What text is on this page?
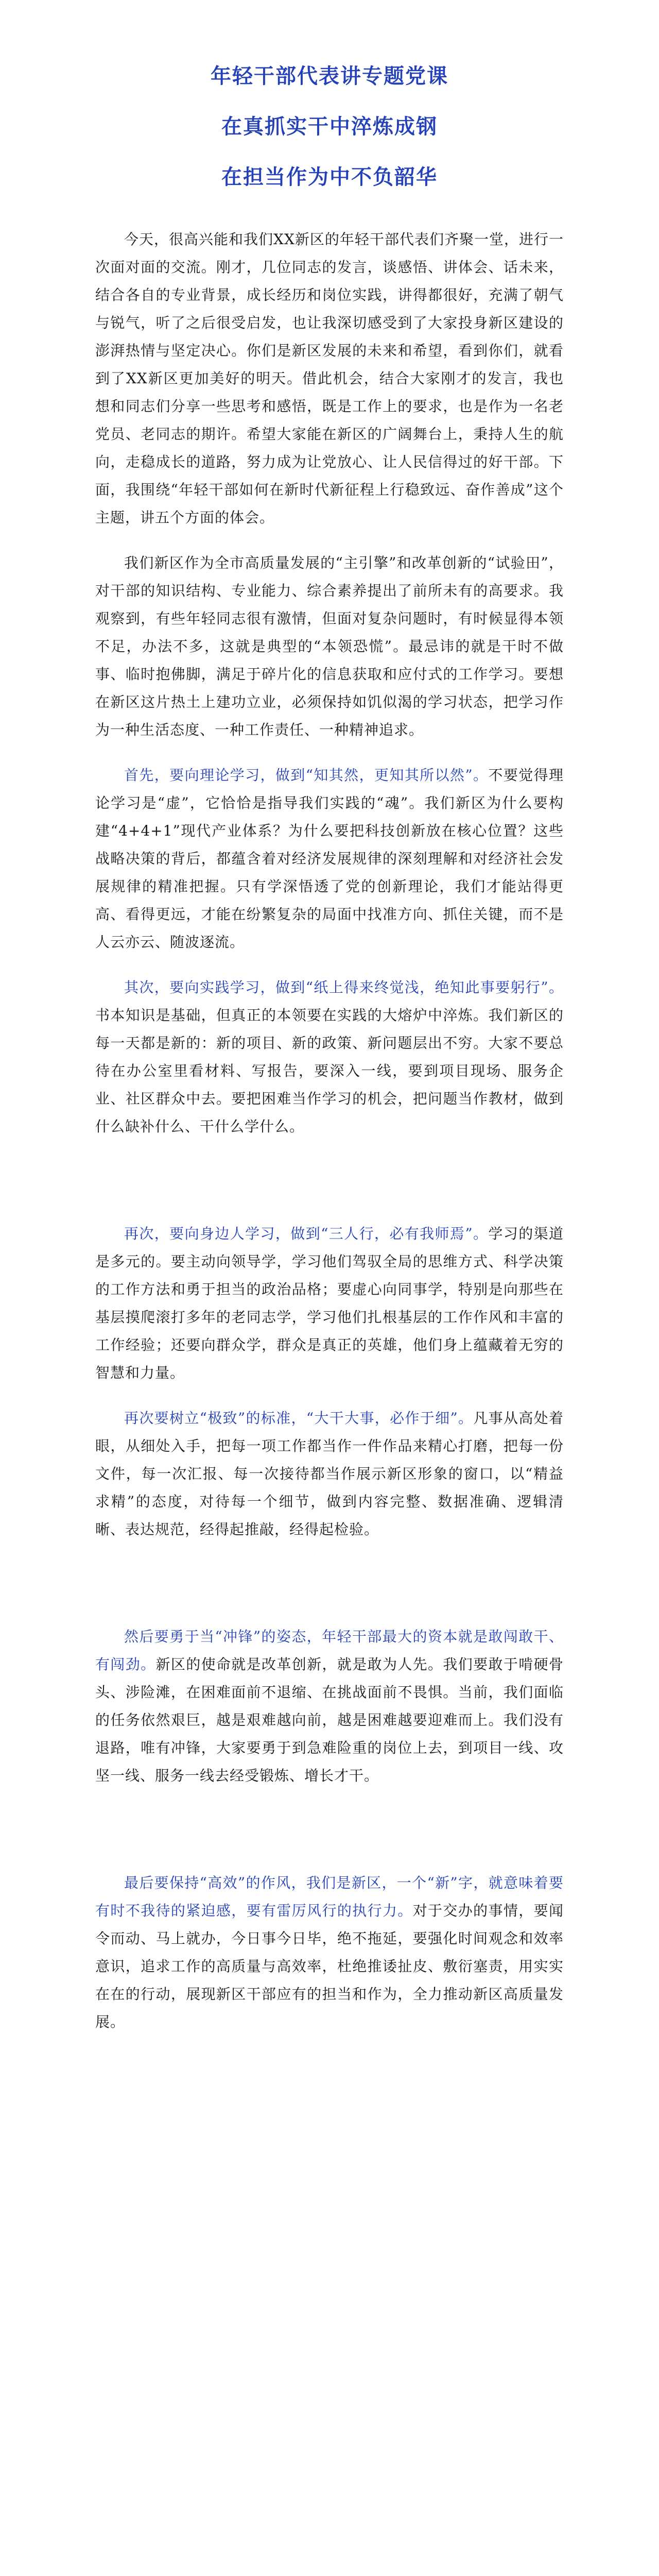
年轻干部代表讲专题党课
在真抓实干中淬炼成钢
在担当作为中不负韶华

今天，很高兴能和我们XX新区的年轻干部代表们齐聚一堂，进行一次面对面的交流。刚才，几位同志的发言，谈感悟、讲体会、话未来，结合各自的专业背景，成长经历和岗位实践，讲得都很好，充满了朝气与锐气，听了之后很受启发，也让我深切感受到了大家投身新区建设的澎湃热情与坚定决心。你们是新区发展的未来和希望，看到你们，就看到了XX新区更加美好的明天。借此机会，结合大家刚才的发言，我也想和同志们分享一些思考和感悟，既是工作上的要求，也是作为一名老党员、老同志的期许。希望大家能在新区的广阔舞台上，秉持人生的航向，走稳成长的道路，努力成为让党放心、让人民信得过的好干部。下面，我围绕“年轻干部如何在新时代新征程上行稳致远、奋作善成”这个主题，讲五个方面的体会。

我们新区作为全市高质量发展的“主引擎”和改革创新的“试验田”，对干部的知识结构、专业能力、综合素养提出了前所未有的高要求。我观察到，有些年轻同志很有激情，但面对复杂问题时，有时候显得本领不足，办法不多，这就是典型的“本领恐慌”。最忌讳的就是干时不做事、临时抱佛脚，满足于碎片化的信息获取和应付式的工作学习。要想在新区这片热土上建功立业，必须保持如饥似渴的学习状态，把学习作为一种生活态度、一种工作责任、一种精神追求。

首先，要向理论学习，做到“知其然，更知其所以然”。不要觉得理论学习是“虚”，它恰恰是指导我们实践的“魂”。我们新区为什么要构建“4+4+1”现代产业体系？为什么要把科技创新放在核心位置？这些战略决策的背后，都蕴含着对经济发展规律的深刻理解和对经济社会发展规律的精准把握。只有学深悟透了党的创新理论，我们才能站得更高、看得更远，才能在纷繁复杂的局面中找准方向、抓住关键，而不是人云亦云、随波逐流。

其次，要向实践学习，做到“纸上得来终觉浅，绝知此事要躬行”。书本知识是基础，但真正的本领要在实践的大熔炉中淬炼。我们新区的每一天都是新的：新的项目、新的政策、新问题层出不穷。大家不要总待在办公室里看材料、写报告，要深入一线，要到项目现场、服务企业、社区群众中去。要把困难当作学习的机会，把问题当作教材，做到什么缺补什么、干什么学什么。

再次，要向身边人学习，做到“三人行，必有我师焉”。学习的渠道是多元的。要主动向领导学，学习他们驾驭全局的思维方式、科学决策的工作方法和勇于担当的政治品格；要虚心向同事学，特别是向那些在基层摸爬滚打多年的老同志学，学习他们扎根基层的工作作风和丰富的工作经验；还要向群众学，群众是真正的英雄，他们身上蕴藏着无穷的智慧和力量。

再次要树立“极致”的标准，“大干大事，必作于细”。凡事从高处着眼，从细处入手，把每一项工作都当作一件作品来精心打磨，把每一份文件，每一次汇报、每一次接待都当作展示新区形象的窗口，以“精益求精”的态度，对待每一个细节，做到内容完整、数据准确、逻辑清晰、表达规范，经得起推敲，经得起检验。

然后要勇于当“冲锋”的姿态，年轻干部最大的资本就是敢闯敢干、有闯劲。新区的使命就是改革创新，就是敢为人先。我们要敢于啃硬骨头、涉险滩，在困难面前不退缩、在挑战面前不畏惧。当前，我们面临的任务依然艰巨，越是艰难越向前，越是困难越要迎难而上。我们没有退路，唯有冲锋，大家要勇于到急难险重的岗位上去，到项目一线、攻坚一线、服务一线去经受锻炼、增长才干。

最后要保持“高效”的作风，我们是新区，一个“新”字，就意味着要有时不我待的紧迫感，要有雷厉风行的执行力。对于交办的事情，要闻令而动、马上就办，今日事今日毕，绝不拖延，要强化时间观念和效率意识，追求工作的高质量与高效率，杜绝推诿扯皮、敷衍塞责，用实实在在的行动，展现新区干部应有的担当和作为，全力推动新区高质量发展。
